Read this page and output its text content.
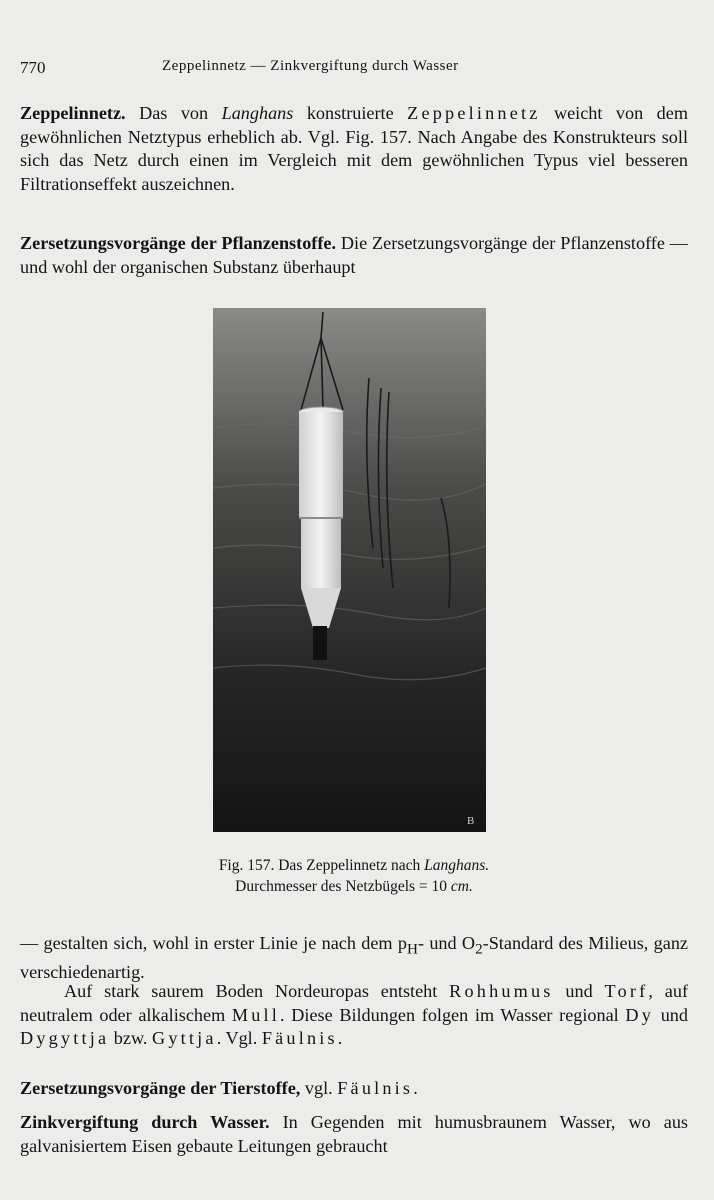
770	Zeppelinnetz — Zinkvergiftung durch Wasser

Zeppelinnetz. Das von Langhans konstruierte Zeppelinnetz weicht von dem gewöhnlichen Netztypus erheblich ab. Vgl. Fig. 157. Nach Angabe des Konstrukteurs soll sich das Netz durch einen im Vergleich mit dem gewöhnlichen Typus viel besseren Filtrationseffekt auszeichnen.

Zersetzungsvorgänge der Pflanzenstoffe. Die Zersetzungsvorgänge der Pflanzenstoffe — und wohl der organischen Substanz überhaupt

B
Fig. 157. Das Zeppelinnetz nach Langhans.
Durchmesser des Netzbügels = 10 cm.

— gestalten sich, wohl in erster Linie je nach dem $p_H-$ und $O_2$-Standard des Milieus, ganz verschiedenartig.

Auf stark saurem Boden Nordeuropas entsteht Rohhumus und Torf, auf neutralem oder alkalischem Mull. Diese Bildungen folgen im Wasser regional Dy und Dygyttja bzw. Gyttja. Vgl. Fäulnis.

Zersetzungsvorgänge der Tierstoffe, vgl. Fäulnis.

Zinkvergiftung durch Wasser. In Gegenden mit humusbraunem Wasser, wo aus galvanisiertem Eisen gebaute Leitungen gebraucht
